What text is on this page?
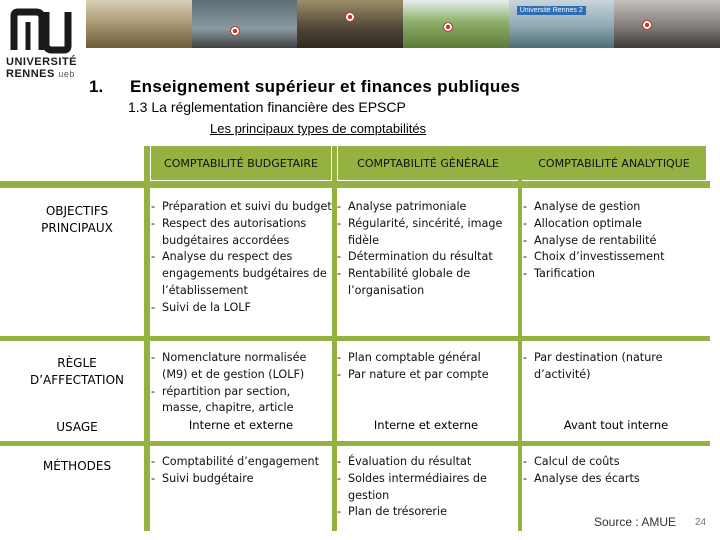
UNIVERSITÉ
RENNES ueb
Université Rennes 2
1. Enseignement supérieur et finances publiques
1.3 La réglementation financière des EPSCP
Les principaux types de comptabilités
COMPTABILITÉ BUDGETAIRE	COMPTABILITÉ GÉNÉRALE	COMPTABILITÉ ANALYTIQUE
OBJECTIFS PRINCIPAUX
- Préparation et suivi du budget
- Respect des autorisations budgétaires accordées
- Analyse du respect des engagements budgétaires de l’établissement
- Suivi de la LOLF
- Analyse patrimoniale
- Régularité, sincérité, image fidèle
- Détermination du résultat
- Rentabilité globale de l’organisation
- Analyse de gestion
- Allocation optimale
- Analyse de rentabilité
- Choix d’investissement
- Tarification
RÈGLE D’AFFECTATION
- Nomenclature normalisée (M9) et de gestion (LOLF)
- répartition par section, masse, chapitre, article
- Plan comptable général
- Par nature et par compte
- Par destination (nature d’activité)
USAGE	Interne et externe	Interne et externe	Avant tout interne
MÉTHODES
-	Comptabilité d’engagement
- Suivi budgétaire
- Évaluation du résultat
- Soldes intermédiaires de gestion
- Plan de trésorerie
- Calcul de coûts
- Analyse des écarts
Source : AMUE 24
